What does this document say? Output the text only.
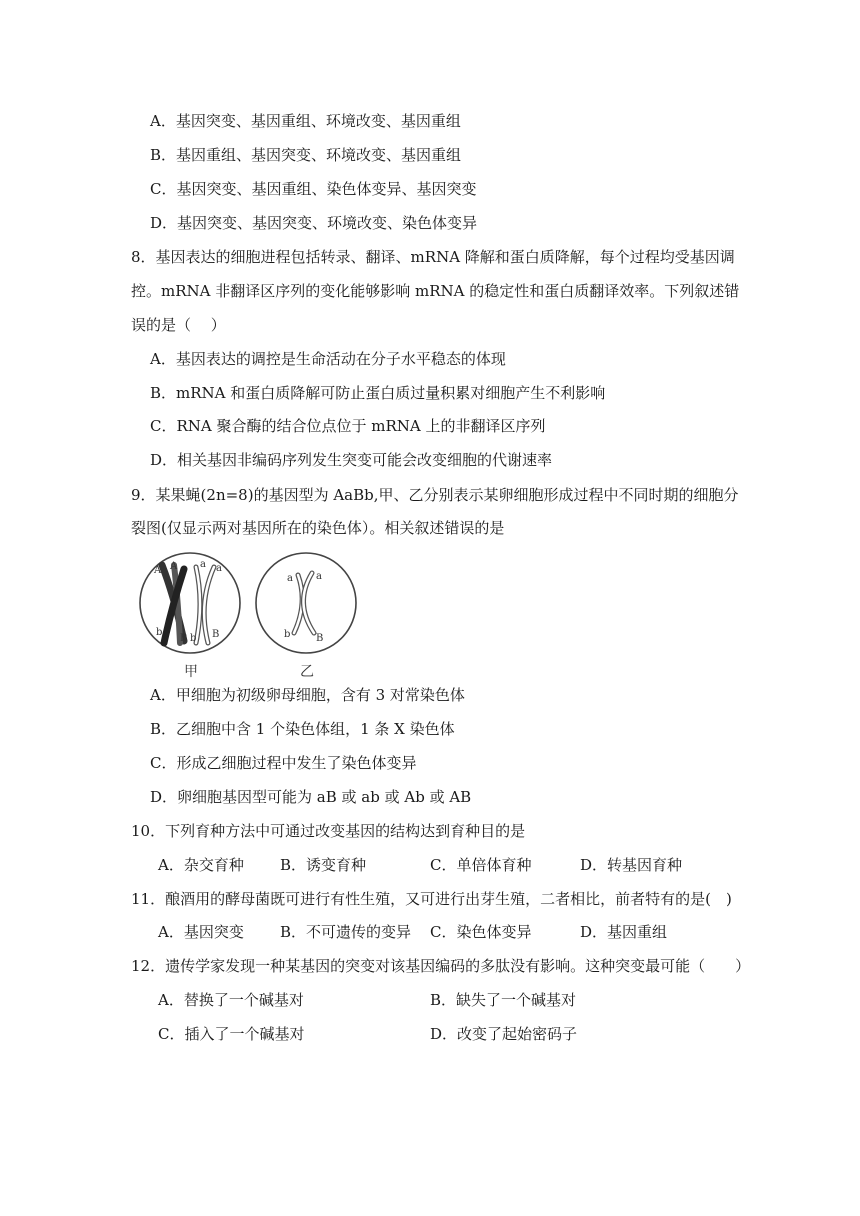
A．基因突变、基因重组、环境改变、基因重组
B．基因重组、基因突变、环境改变、基因重组
C．基因突变、基因重组、染色体变异、基因突变
D．基因突变、基因突变、环境改变、染色体变异
8．基因表达的细胞进程包括转录、翻译、mRNA 降解和蛋白质降解，每个过程均受基因调
控。mRNA 非翻译区序列的变化能够影响 mRNA 的稳定性和蛋白质翻译效率。下列叙述错
误的是（　 ）
A．基因表达的调控是生命活动在分子水平稳态的体现
B．mRNA 和蛋白质降解可防止蛋白质过量积累对细胞产生不利影响
C．RNA 聚合酶的结合位点位于 mRNA 上的非翻译区序列
D．相关基因非编码序列发生突变可能会改变细胞的代谢速率
9．某果蝇(2n=8)的基因型为 AaBb,甲、乙分别表示某卵细胞形成过程中不同时期的细胞分
裂图(仅显示两对基因所在的染色体）。相关叙述错误的是
A A a a
b
B b B
a a
b	B
甲	乙
A．甲细胞为初级卵母细胞，含有 3 对常染色体
B．乙细胞中含 1 个染色体组，1 条 X 染色体
C．形成乙细胞过程中发生了染色体变异
D．卵细胞基因型可能为 aB 或 ab 或 Ab 或 AB
10．下列育种方法中可通过改变基因的结构达到育种目的是
A．杂交育种 B．诱变育种	C．单倍体育种	D．转基因育种
11．酿酒用的酵母菌既可进行有性生殖，又可进行出芽生殖，二者相比，前者特有的是(　)
A．基因突变 B．不可遗传的变异 C．染色体变异	D．基因重组
12．遗传学家发现一种某基因的突变对该基因编码的多肽没有影响。这种突变最可能（　　）
A．替换了一个碱基对	B．缺失了一个碱基对
C．插入了一个碱基对	D．改变了起始密码子
